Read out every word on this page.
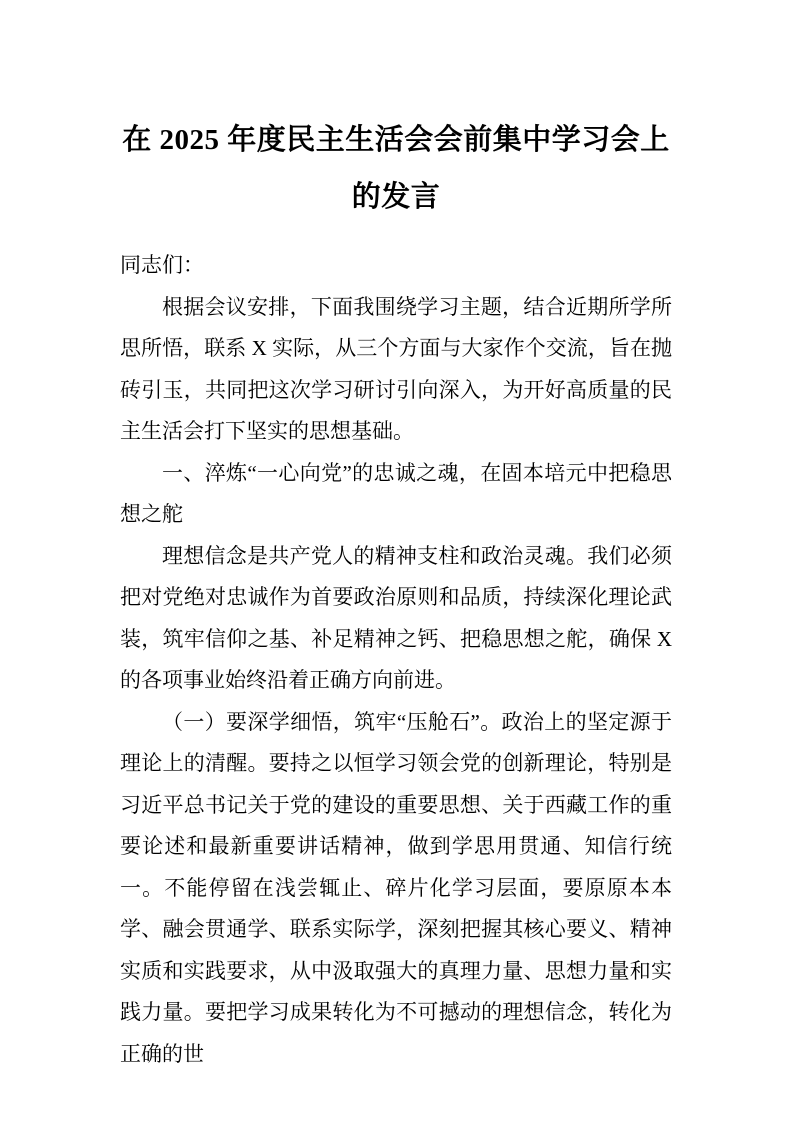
在 2025 年度民主生活会会前集中学习会上的发言

同志们：

根据会议安排，下面我围绕学习主题，结合近期所学所思所悟，联系 X 实际，从三个方面与大家作个交流，旨在抛砖引玉，共同把这次学习研讨引向深入，为开好高质量的民主生活会打下坚实的思想基础。

一、淬炼“一心向党”的忠诚之魂，在固本培元中把稳思想之舵

理想信念是共产党人的精神支柱和政治灵魂。我们必须把对党绝对忠诚作为首要政治原则和品质，持续深化理论武装，筑牢信仰之基、补足精神之钙、把稳思想之舵，确保 X 的各项事业始终沿着正确方向前进。

（一）要深学细悟，筑牢“压舱石”。政治上的坚定源于理论上的清醒。要持之以恒学习领会党的创新理论，特别是习近平总书记关于党的建设的重要思想、关于西藏工作的重要论述和最新重要讲话精神，做到学思用贯通、知信行统一。不能停留在浅尝辄止、碎片化学习层面，要原原本本学、融会贯通学、联系实际学，深刻把握其核心要义、精神实质和实践要求，从中汲取强大的真理力量、思想力量和实践力量。要把学习成果转化为不可撼动的理想信念，转化为正确的世
